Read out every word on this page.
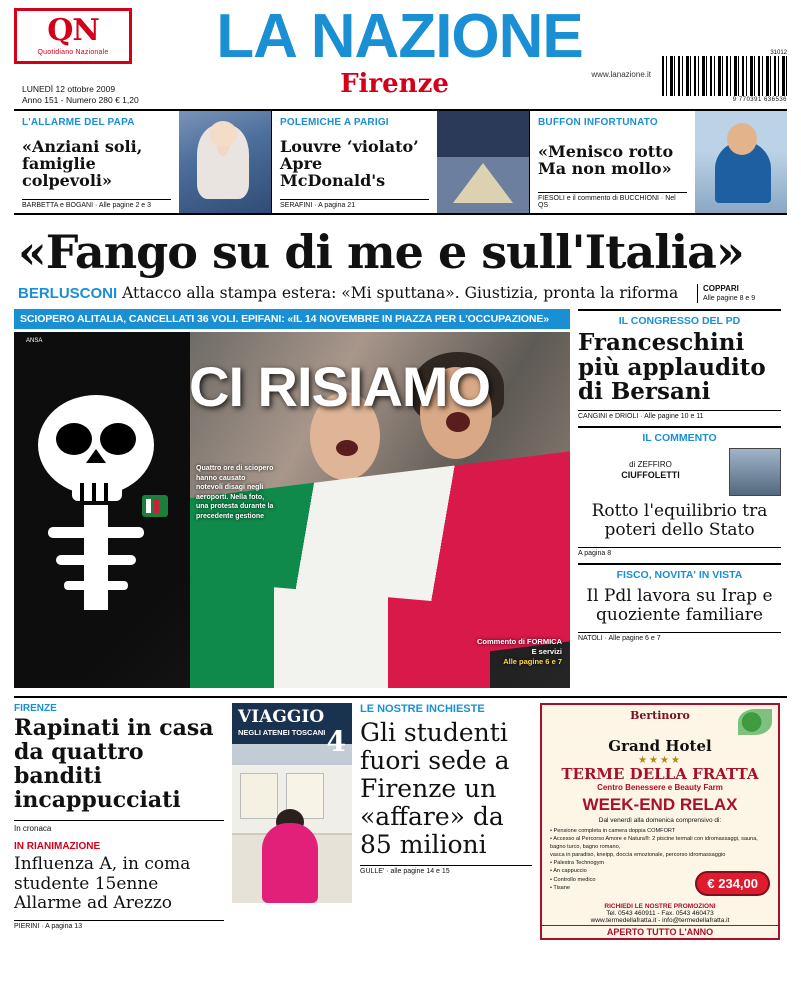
QN
Quotidiano Nazionale	LA NAZIONE
Firenze	www.lanazione.it
31012
9 770391 636536
LUNEDÌ 12 ottobre 2009
Anno 151 - Numero 280 € 1,20
L'ALLARME DEL PAPA
«Anziani soli, famiglie colpevoli»
BARBETTA e BOGANI · Alle pagine 2 e 3
POLEMICHE A PARIGI
Louvre ‘violato’ Apre McDonald's
SERAFINI · A pagina 21
BUFFON INFORTUNATO
«Menisco rotto Ma non mollo»
FIESOLI e il commento di BUCCHIONI · Nel QS
«Fango su di me e sull'Italia»
BERLUSCONI Attacco alla stampa estera: «Mi sputtana». Giustizia, pronta la riforma	COPPARI
Alle pagine 8 e 9
SCIOPERO ALITALIA, CANCELLATI 36 VOLI. EPIFANI: «IL 14 NOVEMBRE IN PIAZZA PER L'OCCUPAZIONE»
ANSA
CI RISIAMO
Quattro ore di sciopero hanno causato notevoli disagi negli aeroporti. Nella foto, una protesta durante la precedente gestione
Commento di FORMICA
E servizi
Alle pagine 6 e 7
IL CONGRESSO DEL PD
Franceschini più applaudito di Bersani
CANGINI e DRIOLI · Alle pagine 10 e 11
IL COMMENTO
di ZEFFIRO
CIUFFOLETTI
Rotto l'equilibrio tra poteri dello Stato
A pagina 8
FISCO, NOVITA' IN VISTA
Il Pdl lavora su Irap e quoziente familiare
NATOLI · Alle pagine 6 e 7
FIRENZE
Rapinati in casa da quattro banditi incappucciati
In cronaca
IN RIANIMAZIONE
Influenza A, in coma studente 15enne Allarme ad Arezzo
PIERINI · A pagina 13
VIAGGIO
NEGLI ATENEI TOSCANI 4
LE NOSTRE INCHIESTE
Gli studenti fuori sede a Firenze un «affare» da 85 milioni
GULLE' · alle pagine 14 e 15
Bertinoro
Grand Hotel
★★★★
TERME DELLA FRATTA
Centro Benessere e Beauty Farm
WEEK-END RELAX
Dal venerdì alla domenica comprensivo di:
• Pensione completa in camera doppia COMFORT
• Accesso al Percorso Amore e Natura®: 2 piscine termali con idromassaggi, sauna, bagno turco, bagno romano,
vasca in paradiso, kneipp, doccia emozionale, percorso idromassaggio
• Palestra Technogym
• An cappuccio
• Controllo medico
• Tisane	€ 234,00
RICHIEDI LE NOSTRE PROMOZIONI
Tel. 0543 460911 - Fax. 0543 460473
www.termedellafratta.it - info@termedellafratta.it
APERTO TUTTO L'ANNO
